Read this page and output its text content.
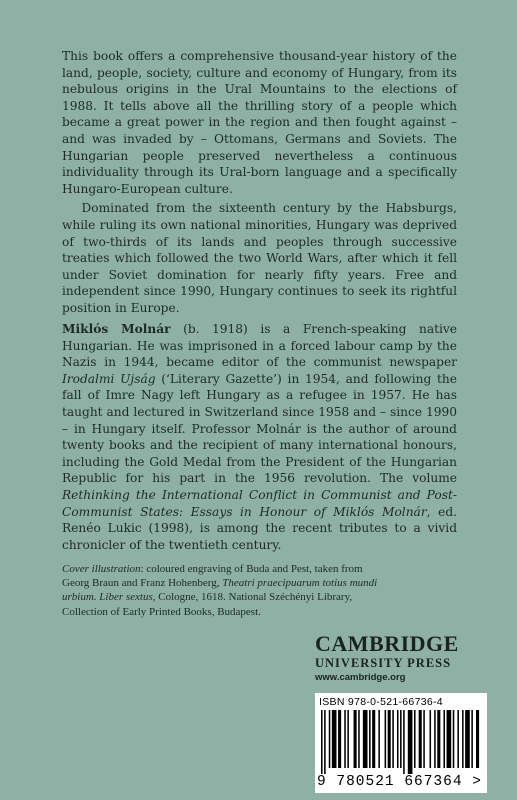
This book offers a comprehensive thousand-year history of the land, people, society, culture and economy of Hungary, from its nebulous origins in the Ural Mountains to the elections of 1988. It tells above all the thrilling story of a people which became a great power in the region and then fought against – and was invaded by – Ottomans, Germans and Soviets. The Hungarian people preserved nevertheless a continuous individuality through its Ural-born language and a specifically Hungaro-European culture.

Dominated from the sixteenth century by the Habsburgs, while ruling its own national minorities, Hungary was deprived of two-thirds of its lands and peoples through successive treaties which followed the two World Wars, after which it fell under Soviet domination for nearly fifty years. Free and independent since 1990, Hungary continues to seek its rightful position in Europe.

Miklós Molnár (b. 1918) is a French-speaking native Hungarian. He was imprisoned in a forced labour camp by the Nazis in 1944, became editor of the communist newspaper Irodalmi Ujság (‘Literary Gazette’) in 1954, and following the fall of Imre Nagy left Hungary as a refugee in 1957. He has taught and lectured in Switzerland since 1958 and – since 1990 – in Hungary itself. Professor Molnár is the author of around twenty books and the recipient of many international honours, including the Gold Medal from the President of the Hungarian Republic for his part in the 1956 revolution. The volume Rethinking the International Conflict in Communist and Post-Communist States: Essays in Honour of Miklós Molnár, ed. Renéo Lukic (1998), is among the recent tributes to a vivid chronicler of the twentieth century.

Cover illustration: coloured engraving of Buda and Pest, taken from Georg Braun and Franz Hohenberg, Theatri praecipuarum totius mundi urbium. Liber sextus, Cologne, 1618. National Széchényi Library, Collection of Early Printed Books, Budapest.
CAMBRIDGE
UNIVERSITY PRESS
www.cambridge.org
ISBN 978-0-521-66736-4
9 780521 667364 >
